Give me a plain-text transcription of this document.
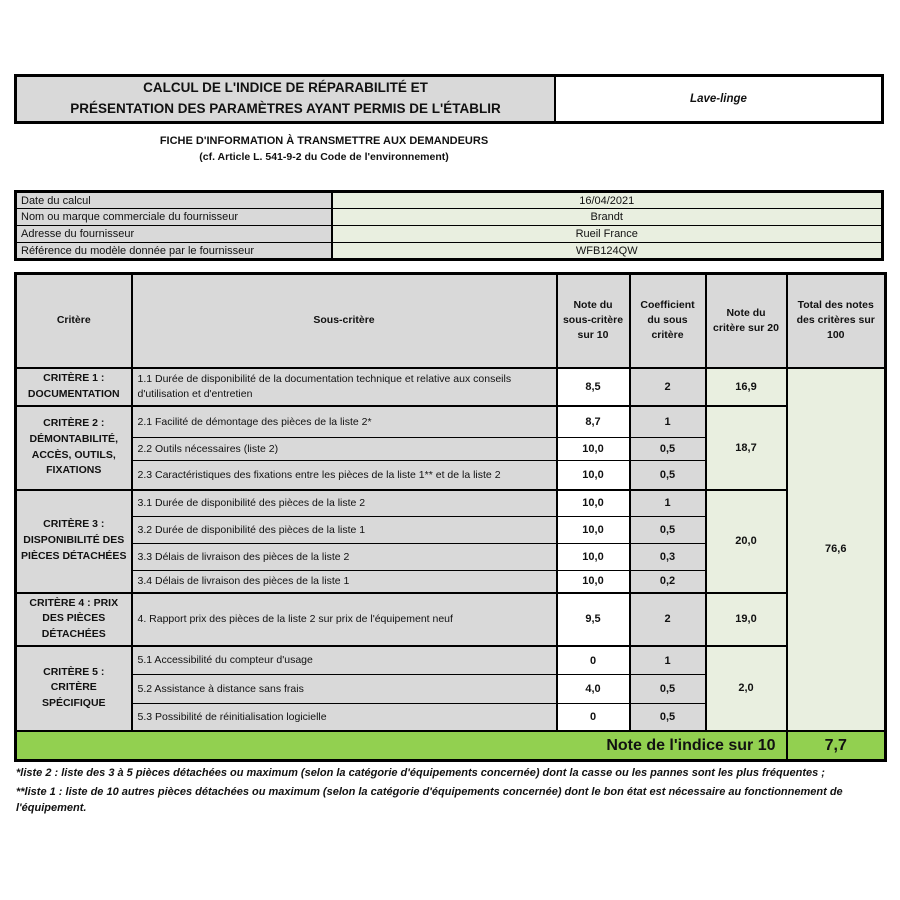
CALCUL DE L'INDICE DE RÉPARABILITÉ ET
PRÉSENTATION DES PARAMÈTRES AYANT PERMIS DE L'ÉTABLIR
Lave-linge
FICHE D'INFORMATION À TRANSMETTRE AUX DEMANDEURS
(cf. Article L. 541-9-2 du Code de l'environnement)
Date du calcul	16/04/2021
Nom ou marque commerciale du fournisseur	Brandt
Adresse du fournisseur	Rueil France
Référence du modèle donnée par le fournisseur	WFB124QW
Critère	Sous-critère	Note du sous-critère sur 10	Coefficient du sous critère	Note du critère sur 20	Total des notes des critères sur 100
CRITÈRE 1 : DOCUMENTATION	1.1 Durée de disponibilité de la documentation technique et relative aux conseils d'utilisation et d'entretien	8,5	2	16,9	76,6
CRITÈRE 2 : DÉMONTABILITÉ, ACCÈS, OUTILS, FIXATIONS	2.1 Facilité de démontage des pièces de la liste 2*	8,7	1	18,7	
	2.2 Outils nécessaires (liste 2)	10,0	0,5		
	2.3 Caractéristiques des fixations entre les pièces de la liste 1** et de la liste 2	10,0	0,5		
CRITÈRE 3 : DISPONIBILITÉ DES PIÈCES DÉTACHÉES	3.1 Durée de disponibilité des pièces de la liste 2	10,0	1	20,0	
	3.2 Durée de disponibilité des pièces de la liste 1	10,0	0,5		
	3.3 Délais de livraison des pièces de la liste 2	10,0	0,3		
	3.4 Délais de livraison des pièces de la liste 1	10,0	0,2		
CRITÈRE 4 : PRIX DES PIÈCES DÉTACHÉES	4. Rapport prix des pièces de la liste 2 sur prix de l'équipement neuf	9,5	2	19,0	
CRITÈRE 5 : CRITÈRE SPÉCIFIQUE	5.1 Accessibilité du compteur d'usage	0	1	2,0	
	5.2 Assistance à distance sans frais	4,0	0,5		
	5.3 Possibilité de réinitialisation logicielle	0	0,5		
Note de l'indice sur 10					7,7

*liste 2 : liste des 3 à 5 pièces détachées ou maximum (selon la catégorie d'équipements concernée) dont la casse ou les pannes sont les plus fréquentes ;

**liste 1 : liste de 10 autres pièces détachées ou maximum (selon la catégorie d'équipements concernée) dont le bon état est nécessaire au fonctionnement de l'équipement.
